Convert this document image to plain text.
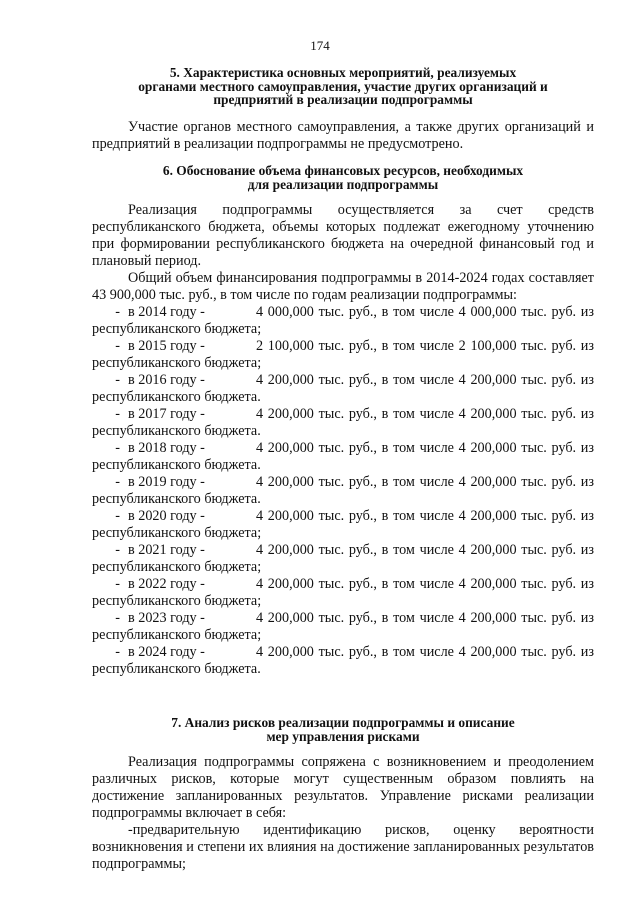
174
5. Характеристика основных мероприятий, реализуемых
органами местного самоуправления, участие других организаций и
предприятий в реализации подпрограммы

Участие органов местного самоуправления, а также других организаций и предприятий в реализации подпрограммы не предусмотрено.

6. Обоснование объема финансовых ресурсов, необходимых
для реализации подпрограммы

Реализация подпрограммы осуществляется за счет средств республиканского бюджета, объемы которых подлежат ежегодному уточнению при формировании республиканского бюджета на очередной финансовый год и плановый период.

Общий объем финансирования подпрограммы в 2014-2024 годах составляет 43 900,000 тыс. руб., в том числе по годам реализации подпрограммы:

- в 2014 году -	4 000,000 тыс. руб., в том числе 4 000,000 тыс. руб. из
республиканского бюджета;
- в 2015 году -	2 100,000 тыс. руб., в том числе 2 100,000 тыс. руб. из
республиканского бюджета;
- в 2016 году -	4 200,000 тыс. руб., в том числе 4 200,000 тыс. руб. из
республиканского бюджета.
- в 2017 году -	4 200,000 тыс. руб., в том числе 4 200,000 тыс. руб. из
республиканского бюджета.
- в 2018 году -	4 200,000 тыс. руб., в том числе 4 200,000 тыс. руб. из
республиканского бюджета.
- в 2019 году -	4 200,000 тыс. руб., в том числе 4 200,000 тыс. руб. из
республиканского бюджета.
- в 2020 году -	4 200,000 тыс. руб., в том числе 4 200,000 тыс. руб. из
республиканского бюджета;
- в 2021 году -	4 200,000 тыс. руб., в том числе 4 200,000 тыс. руб. из
республиканского бюджета;
- в 2022 году -	4 200,000 тыс. руб., в том числе 4 200,000 тыс. руб. из
республиканского бюджета;
- в 2023 году -	4 200,000 тыс. руб., в том числе 4 200,000 тыс. руб. из
республиканского бюджета;
- в 2024 году -	4 200,000 тыс. руб., в том числе 4 200,000 тыс. руб. из
республиканского бюджета.
7. Анализ рисков реализации подпрограммы и описание
мер управления рисками

Реализация подпрограммы сопряжена с возникновением и преодолением различных рисков, которые могут существенным образом повлиять на достижение запланированных результатов. Управление рисками реализации подпрограммы включает в себя:

-предварительную идентификацию рисков, оценку вероятности возникновения и степени их влияния на достижение запланированных результатов подпрограммы;
